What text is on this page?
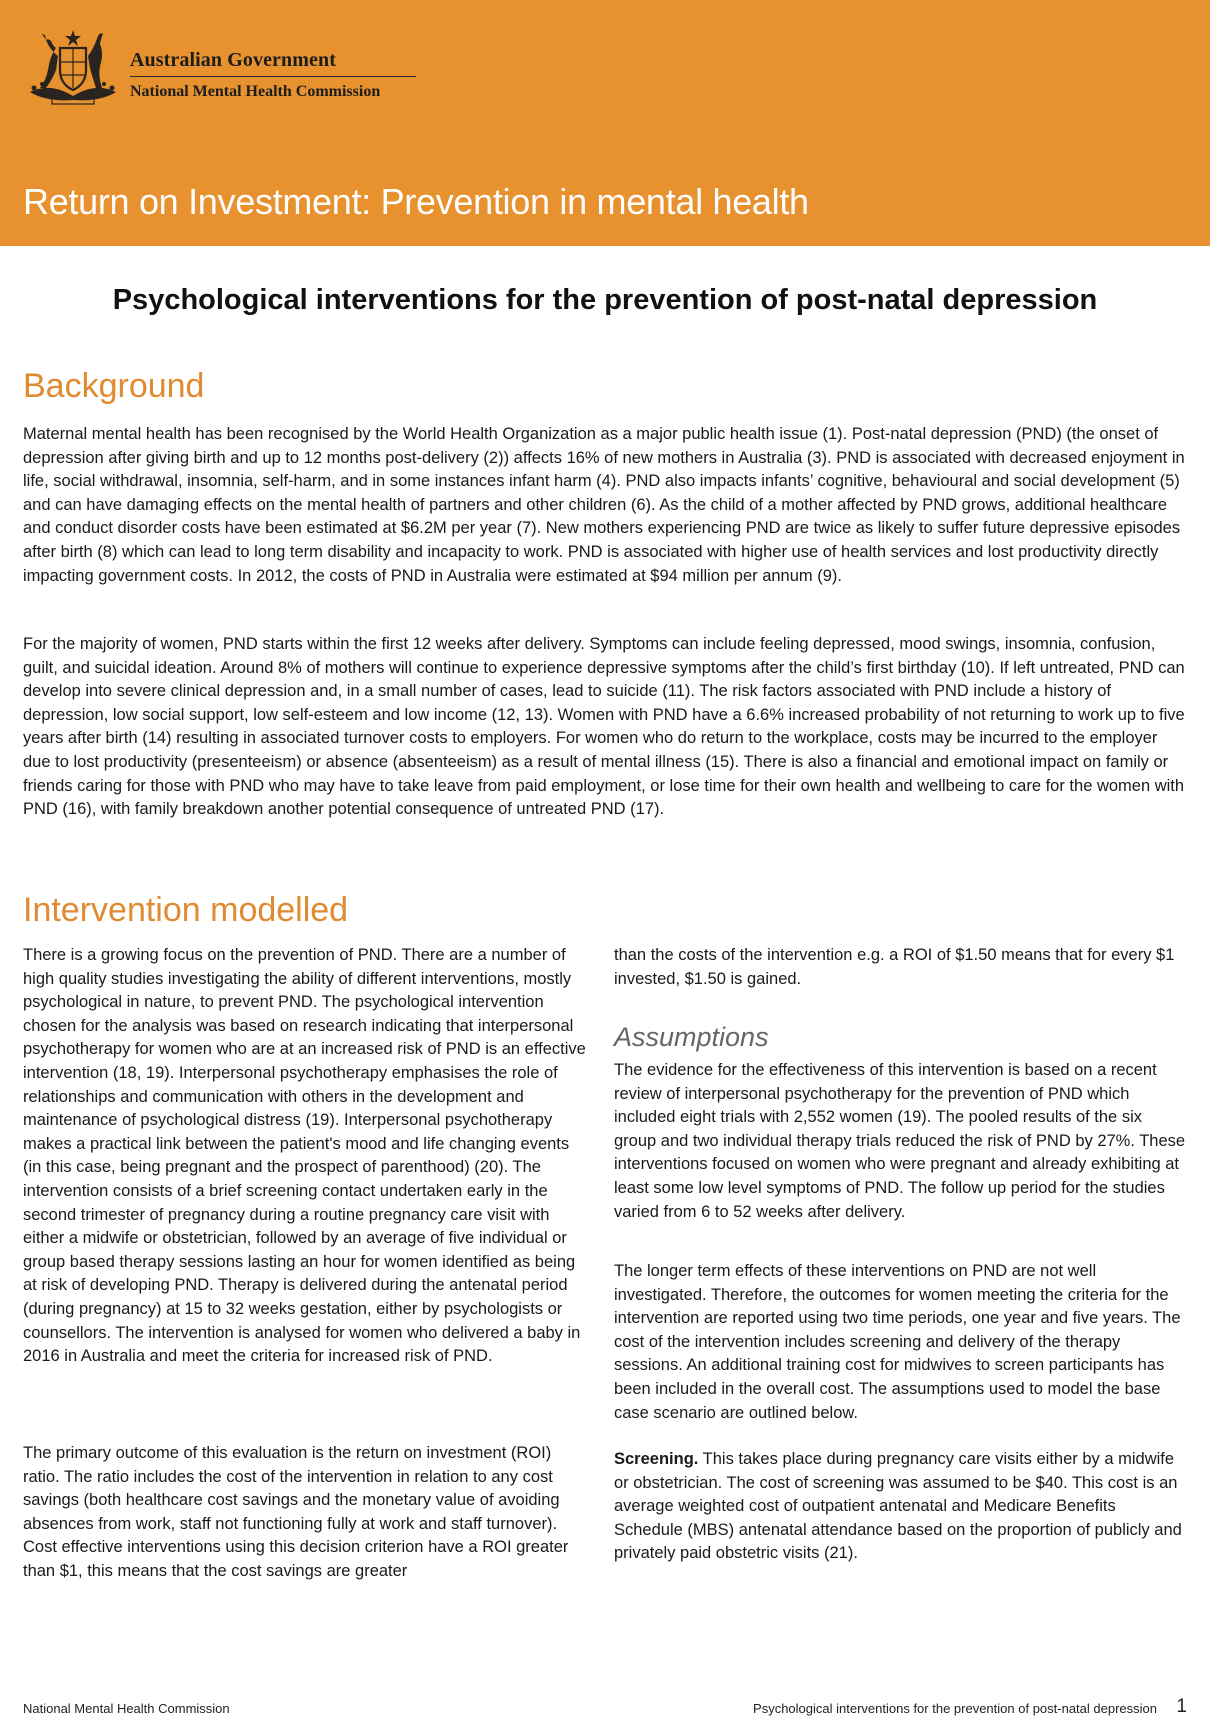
Australian Government
National Mental Health Commission
Return on Investment: Prevention in mental health
Psychological interventions for the prevention of post-natal depression
Background

Maternal mental health has been recognised by the World Health Organization as a major public health issue (1). Post-natal depression (PND) (the onset of depression after giving birth and up to 12 months post-delivery (2)) affects 16% of new mothers in Australia (3). PND is associated with decreased enjoyment in life, social withdrawal, insomnia, self-harm, and in some instances infant harm (4). PND also impacts infants’ cognitive, behavioural and social development (5) and can have damaging effects on the mental health of partners and other children (6). As the child of a mother affected by PND grows, additional healthcare and conduct disorder costs have been estimated at $6.2M per year (7). New mothers experiencing PND are twice as likely to suffer future depressive episodes after birth (8) which can lead to long term disability and incapacity to work. PND is associated with higher use of health services and lost productivity directly impacting government costs. In 2012, the costs of PND in Australia were estimated at $94 million per annum (9).

For the majority of women, PND starts within the first 12 weeks after delivery. Symptoms can include feeling depressed, mood swings, insomnia, confusion, guilt, and suicidal ideation. Around 8% of mothers will continue to experience depressive symptoms after the child’s first birthday (10). If left untreated, PND can develop into severe clinical depression and, in a small number of cases, lead to suicide (11). The risk factors associated with PND include a history of depression, low social support, low self-esteem and low income (12, 13). Women with PND have a 6.6% increased probability of not returning to work up to five years after birth (14) resulting in associated turnover costs to employers. For women who do return to the workplace, costs may be incurred to the employer due to lost productivity (presenteeism) or absence (absenteeism) as a result of mental illness (15). There is also a financial and emotional impact on family or friends caring for those with PND who may have to take leave from paid employment, or lose time for their own health and wellbeing to care for the women with PND (16), with family breakdown another potential consequence of untreated PND (17).

Intervention modelled

There is a growing focus on the prevention of PND. There are a number of high quality studies investigating the ability of different interventions, mostly psychological in nature, to prevent PND. The psychological intervention chosen for the analysis was based on research indicating that interpersonal psychotherapy for women who are at an increased risk of PND is an effective intervention (18, 19). Interpersonal psychotherapy emphasises the role of relationships and communication with others in the development and maintenance of psychological distress (19). Interpersonal psychotherapy makes a practical link between the patient's mood and life changing events (in this case, being pregnant and the prospect of parenthood) (20). The intervention consists of a brief screening contact undertaken early in the second trimester of pregnancy during a routine pregnancy care visit with either a midwife or obstetrician, followed by an average of five individual or group based therapy sessions lasting an hour for women identified as being at risk of developing PND. Therapy is delivered during the antenatal period (during pregnancy) at 15 to 32 weeks gestation, either by psychologists or counsellors. The intervention is analysed for women who delivered a baby in 2016 in Australia and meet the criteria for increased risk of PND.

The primary outcome of this evaluation is the return on investment (ROI) ratio. The ratio includes the cost of the intervention in relation to any cost savings (both healthcare cost savings and the monetary value of avoiding absences from work, staff not functioning fully at work and staff turnover). Cost effective interventions using this decision criterion have a ROI greater than $1, this means that the cost savings are greater

than the costs of the intervention e.g. a ROI of $1.50 means that for every $1 invested, $1.50 is gained.

Assumptions

The evidence for the effectiveness of this intervention is based on a recent review of interpersonal psychotherapy for the prevention of PND which included eight trials with 2,552 women (19). The pooled results of the six group and two individual therapy trials reduced the risk of PND by 27%. These interventions focused on women who were pregnant and already exhibiting at least some low level symptoms of PND. The follow up period for the studies varied from 6 to 52 weeks after delivery.

The longer term effects of these interventions on PND are not well investigated. Therefore, the outcomes for women meeting the criteria for the intervention are reported using two time periods, one year and five years. The cost of the intervention includes screening and delivery of the therapy sessions. An additional training cost for midwives to screen participants has been included in the overall cost. The assumptions used to model the base case scenario are outlined below.

Screening. This takes place during pregnancy care visits either by a midwife or obstetrician. The cost of screening was assumed to be $40. This cost is an average weighted cost of outpatient antenatal and Medicare Benefits Schedule (MBS) antenatal attendance based on the proportion of publicly and privately paid obstetric visits (21).

National Mental Health Commission	Psychological interventions for the prevention of post-natal depression 1
